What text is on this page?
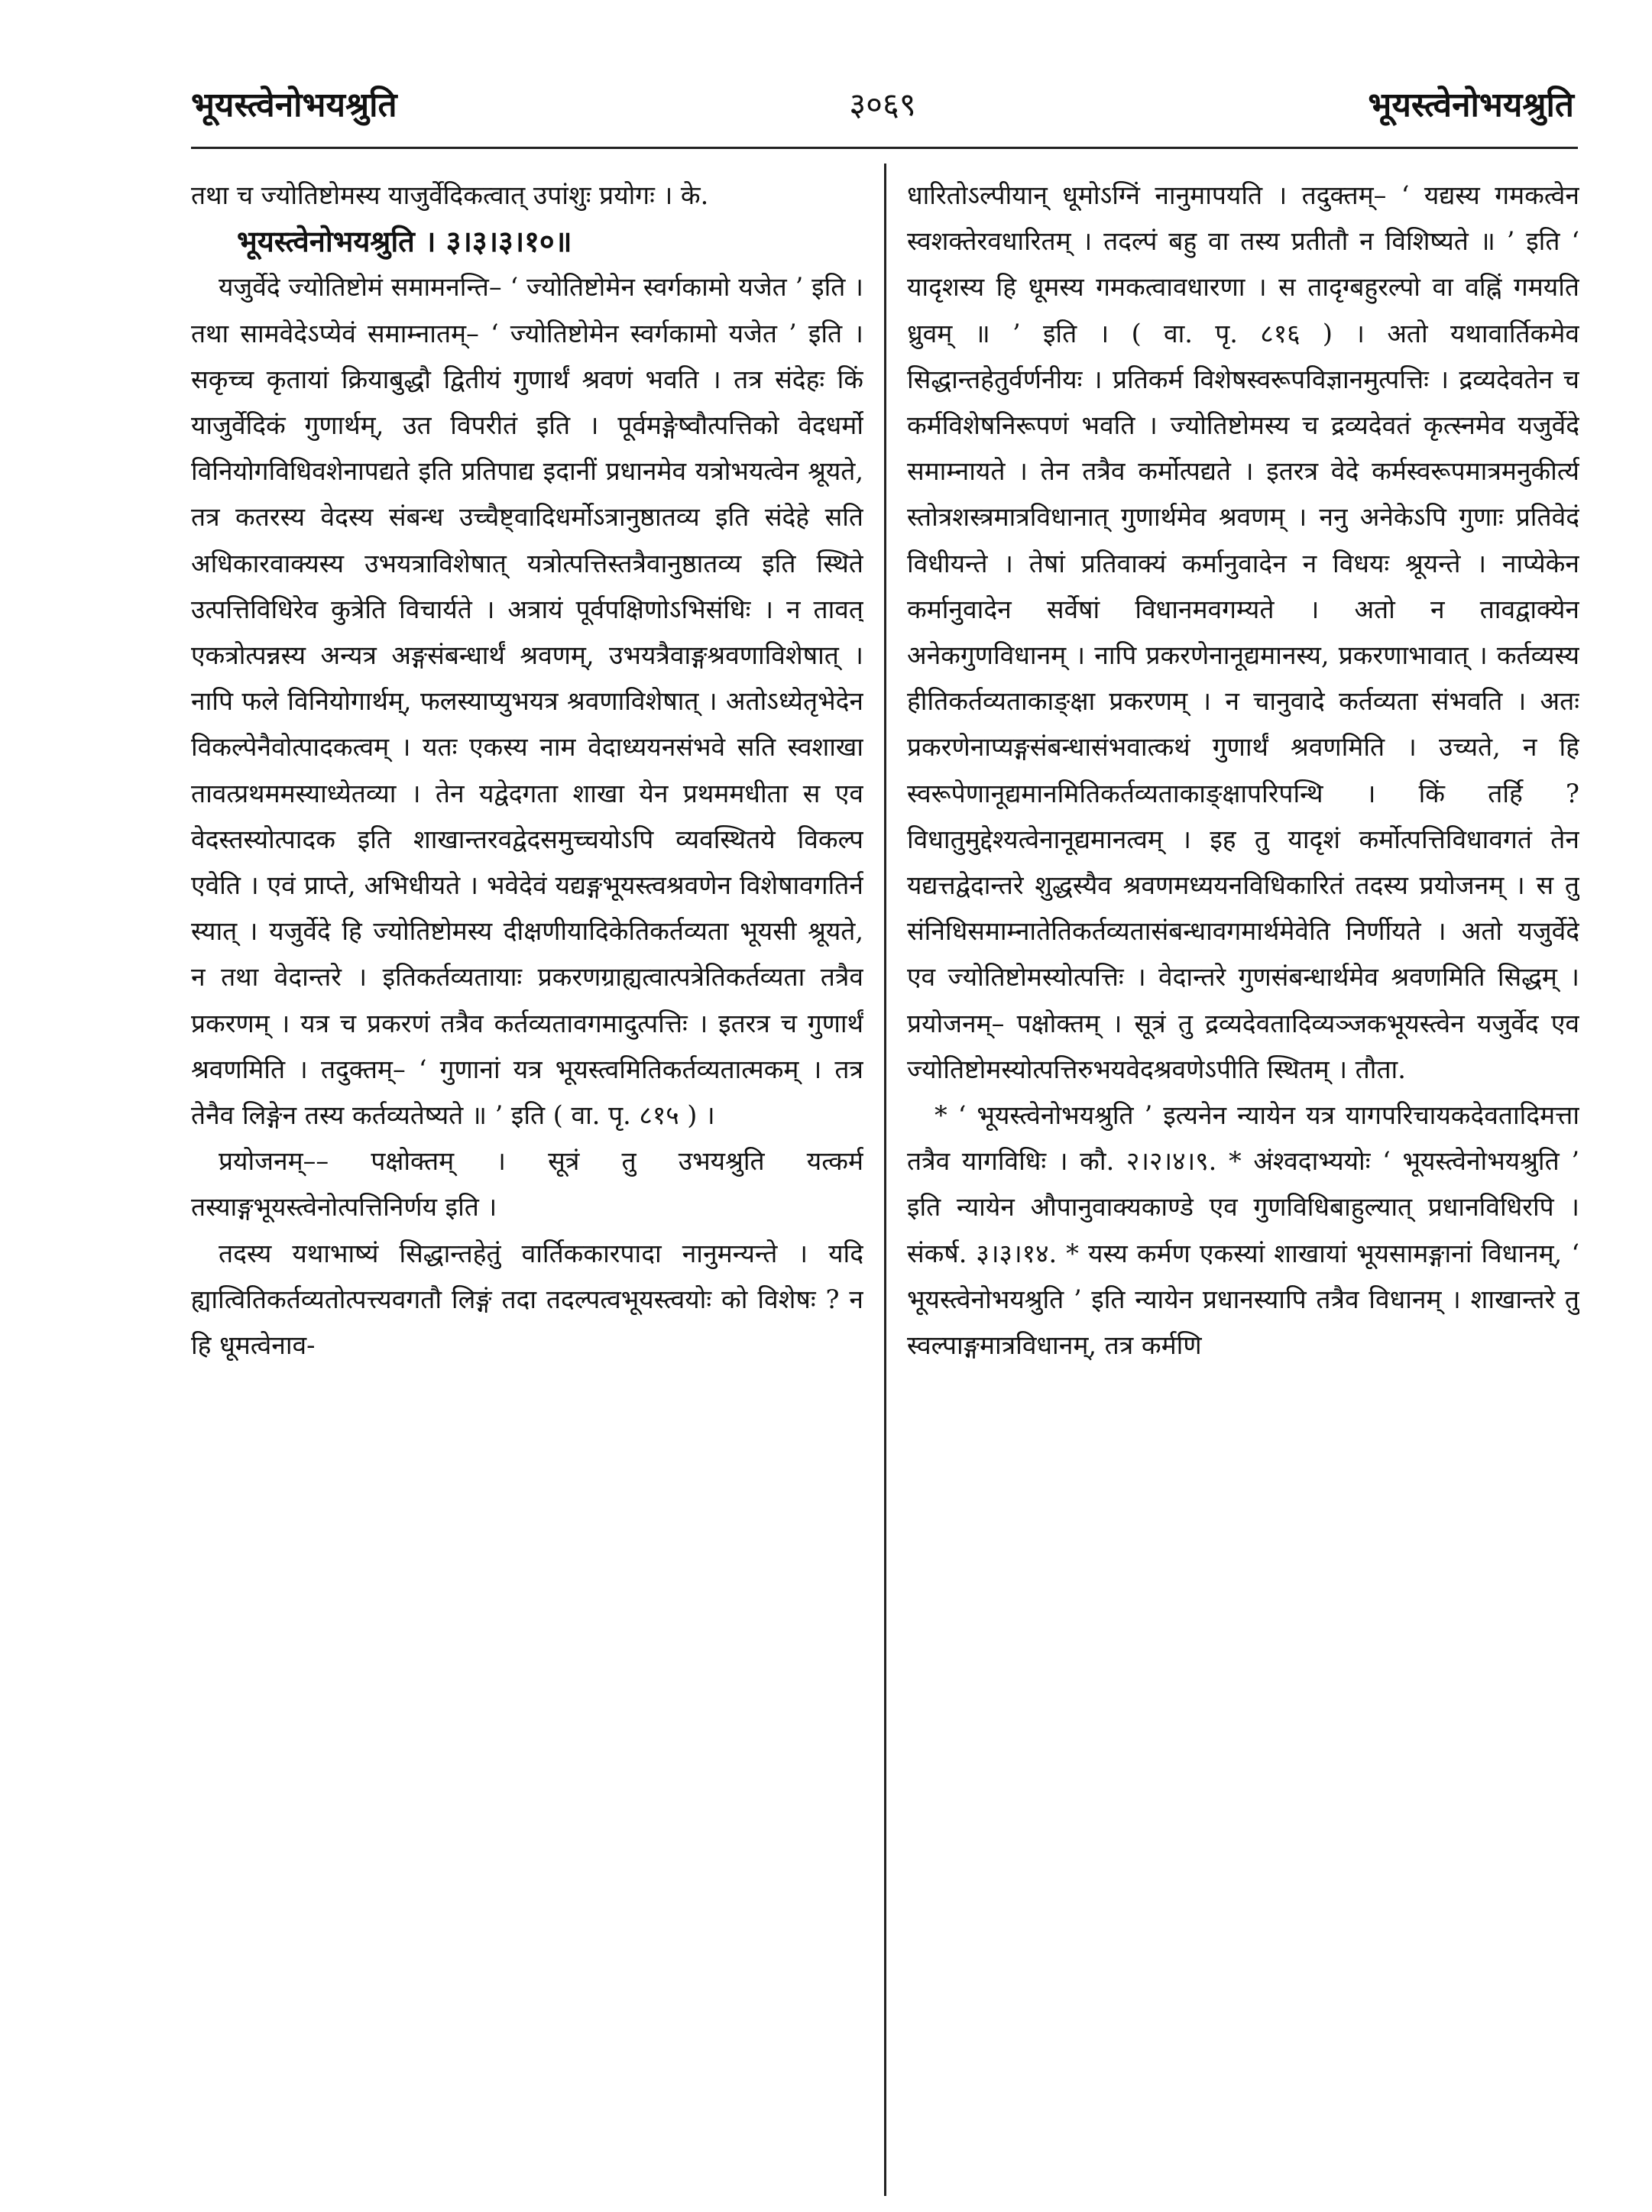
भूयस्त्वेनोभयश्रुति	३०६९	भूयस्त्वेनोभयश्रुति

तथा च ज्योतिष्टोमस्य याजुर्वेदिकत्वात् उपांशुः प्रयोगः । के.

भूयस्त्वेनोभयश्रुति । ३।३।३।१०॥

यजुर्वेदे ज्योतिष्टोमं समामनन्ति– ‘ ज्योतिष्टोमेन स्वर्गकामो यजेत ’ इति । तथा सामवेदेऽप्येवं समाम्नातम्– ‘ ज्योतिष्टोमेन स्वर्गकामो यजेत ’ इति । सकृच्च कृतायां क्रियाबुद्धौ द्वितीयं गुणार्थं श्रवणं भवति । तत्र संदेहः किं याजुर्वेदिकं गुणार्थम्, उत विपरीतं इति । पूर्वमङ्गेष्वौत्पत्तिको वेदधर्मो विनियोगविधिवशेनापद्यते इति प्रतिपाद्य इदानीं प्रधानमेव यत्रोभयत्वेन श्रूयते, तत्र कतरस्य वेदस्य संबन्ध उच्चैष्ट्वादिधर्मोऽत्रानुष्ठातव्य इति संदेहे सति अधिकारवाक्यस्य उभयत्राविशेषात् यत्रोत्पत्तिस्तत्रैवानुष्ठातव्य इति स्थिते उत्पत्तिविधिरेव कुत्रेति विचार्यते । अत्रायं पूर्वपक्षिणोऽभिसंधिः । न तावत् एकत्रोत्पन्नस्य अन्यत्र अङ्गसंबन्धार्थं श्रवणम्, उभयत्रैवाङ्गश्रवणाविशेषात् । नापि फले विनियोगार्थम्, फलस्याप्युभयत्र श्रवणाविशेषात् । अतोऽध्येतृभेदेन विकल्पेनैवोत्पादकत्वम् । यतः एकस्य नाम वेदाध्ययनसंभवे सति स्वशाखा तावत्प्रथममस्याध्येतव्या । तेन यद्वेदगता शाखा येन प्रथममधीता स एव वेदस्तस्योत्पादक इति शाखान्तरवद्वेदसमुच्चयोऽपि व्यवस्थितये विकल्प एवेति । एवं प्राप्ते, अभिधीयते । भवेदेवं यद्यङ्गभूयस्त्वश्रवणेन विशेषावगतिर्न स्यात् । यजुर्वेदे हि ज्योतिष्टोमस्य दीक्षणीयादिकेतिकर्तव्यता भूयसी श्रूयते, न तथा वेदान्तरे । इतिकर्तव्यतायाः प्रकरणग्राह्यत्वात्पत्रेतिकर्तव्यता तत्रैव प्रकरणम् । यत्र च प्रकरणं तत्रैव कर्तव्यतावगमादुत्पत्तिः । इतरत्र च गुणार्थं श्रवणमिति । तदुक्तम्– ‘ गुणानां यत्र भूयस्त्वमितिकर्तव्यतात्मकम् । तत्र तेनैव लिङ्गेन तस्य कर्तव्यतेष्यते ॥ ’ इति ( वा. पृ. ८१५ ) ।

प्रयोजनम्–– पक्षोक्तम् । सूत्रं तु उभयश्रुति यत्कर्म तस्याङ्गभूयस्त्वेनोत्पत्तिनिर्णय इति ।

तदस्य यथाभाष्यं सिद्धान्तहेतुं वार्तिककारपादा नानुमन्यन्ते । यदि ह्यात्वितिकर्तव्यतोत्पत्त्यवगतौ लिङ्गं तदा तदल्पत्वभूयस्त्वयोः को विशेषः ? न हि धूमत्वेनाव-

धारितोऽल्पीयान् धूमोऽग्निं नानुमापयति । तदुक्तम्– ‘ यद्यस्य गमकत्वेन स्वशक्तेरवधारितम् । तदल्पं बहु वा तस्य प्रतीतौ न विशिष्यते ॥ ’ इति ‘ यादृशस्य हि धूमस्य गमकत्वावधारणा । स तादृग्बहुरल्पो वा वह्निं गमयति ध्रुवम् ॥ ’ इति । ( वा. पृ. ८१६ ) । अतो यथावार्तिकमेव सिद्धान्तहेतुर्वर्णनीयः । प्रतिकर्म विशेषस्वरूपविज्ञानमुत्पत्तिः । द्रव्यदेवतेन च कर्मविशेषनिरूपणं भवति । ज्योतिष्टोमस्य च द्रव्यदेवतं कृत्स्नमेव यजुर्वेदे समाम्नायते । तेन तत्रैव कर्मोत्पद्यते । इतरत्र वेदे कर्मस्वरूपमात्रमनुकीर्त्य स्तोत्रशस्त्रमात्रविधानात् गुणार्थमेव श्रवणम् । ननु अनेकेऽपि गुणाः प्रतिवेदं विधीयन्ते । तेषां प्रतिवाक्यं कर्मानुवादेन न विधयः श्रूयन्ते । नाप्येकेन कर्मानुवादेन सर्वेषां विधानमवगम्यते । अतो न तावद्वाक्येन अनेकगुणविधानम् । नापि प्रकरणेनानूद्यमानस्य, प्रकरणाभावात् । कर्तव्यस्य हीतिकर्तव्यताकाङ्क्षा प्रकरणम् । न चानुवादे कर्तव्यता संभवति । अतः प्रकरणेनाप्यङ्गसंबन्धासंभवात्कथं गुणार्थं श्रवणमिति । उच्यते, न हि स्वरूपेणानूद्यमानमितिकर्तव्यताकाङ्क्षापरिपन्थि । किं तर्हि ? विधातुमुद्देश्यत्वेनानूद्यमानत्वम् । इह तु यादृशं कर्मोत्पत्तिविधावगतं तेन यद्यत्तद्वेदान्तरे शुद्धस्यैव श्रवणमध्ययनविधिकारितं तदस्य प्रयोजनम् । स तु संनिधिसमाम्नातेतिकर्तव्यतासंबन्धावगमार्थमेवेति निर्णीयते । अतो यजुर्वेदे एव ज्योतिष्टोमस्योत्पत्तिः । वेदान्तरे गुणसंबन्धार्थमेव श्रवणमिति सिद्धम् । प्रयोजनम्– पक्षोक्तम् । सूत्रं तु द्रव्यदेवतादिव्यञ्जकभूयस्त्वेन यजुर्वेद एव ज्योतिष्टोमस्योत्पत्तिरुभयवेदश्रवणेऽपीति स्थितम् । तौता.

* ‘ भूयस्त्वेनोभयश्रुति ’ इत्यनेन न्यायेन यत्र यागपरिचायकदेवतादिमत्ता तत्रैव यागविधिः । कौ. २।२।४।९. * अंश्वदाभ्ययोः ‘ भूयस्त्वेनोभयश्रुति ’ इति न्यायेन औपानुवाक्यकाण्डे एव गुणविधिबाहुल्यात् प्रधानविधिरपि । संकर्ष. ३।३।१४. * यस्य कर्मण एकस्यां शाखायां भूयसामङ्गानां विधानम्, ‘ भूयस्त्वेनोभयश्रुति ’ इति न्यायेन प्रधानस्यापि तत्रैव विधानम् । शाखान्तरे तु स्वल्पाङ्गमात्रविधानम्, तत्र कर्मणि
